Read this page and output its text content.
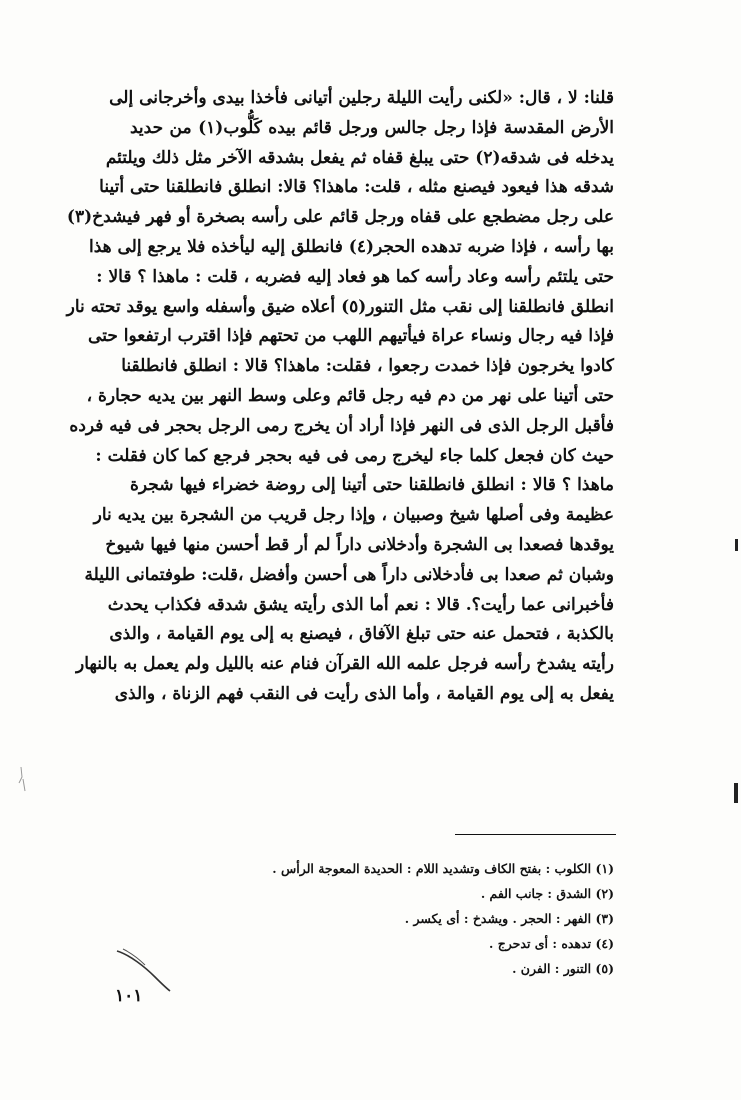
قلنا: لا ، قال: «لكنى رأيت الليلة رجلين أتيانى فأخذا بيدى وأخرجانى إلى
الأرض المقدسة فإذا رجل جالس ورجل قائم بيده كَلُّوب(١) من حديد
يدخله فى شدقه(٢) حتى يبلغ قفاه ثم يفعل بشدقه الآخر مثل ذلك ويلتئم
شدقه هذا فيعود فيصنع مثله ، قلت: ماهذا؟ قالا: انطلق فانطلقنا حتى أتينا
على رجل مضطجع على قفاه ورجل قائم على رأسه بصخرة أو فهر فيشدخ(٣)
بها رأسه ، فإذا ضربه تدهده الحجر(٤) فانطلق إليه ليأخذه فلا يرجع إلى هذا
حتى يلتئم رأسه وعاد رأسه كما هو فعاد إليه فضربه ، قلت : ماهذا ؟ قالا :
انطلق فانطلقنا إلى نقب مثل التنور(٥) أعلاه ضيق وأسفله واسع يوقد تحته نار
فإذا فيه رجال ونساء عراة فيأتيهم اللهب من تحتهم فإذا اقترب ارتفعوا حتى
كادوا يخرجون فإذا خمدت رجعوا ، فقلت: ماهذا؟ قالا : انطلق فانطلقنا
حتى أتينا على نهر من دم فيه رجل قائم وعلى وسط النهر بين يديه حجارة ،
فأقبل الرجل الذى فى النهر فإذا أراد أن يخرج رمى الرجل بحجر فى فيه فرده
حيث كان فجعل كلما جاء ليخرج رمى فى فيه بحجر فرجع كما كان فقلت :
ماهذا ؟ قالا : انطلق فانطلقنا حتى أتينا إلى روضة خضراء فيها شجرة
عظيمة وفى أصلها شيخ وصبيان ، وإذا رجل قريب من الشجرة بين يديه نار
يوقدها فصعدا بى الشجرة وأدخلانى داراً لم أر قط أحسن منها فيها شيوخ
وشبان ثم صعدا بى فأدخلانى داراً هى أحسن وأفضل ،قلت: طوفتمانى الليلة
فأخبرانى عما رأيت؟. قالا : نعم أما الذى رأيته يشق شدقه فكذاب يحدث
بالكذبة ، فتحمل عنه حتى تبلغ الآفاق ، فيصنع به إلى يوم القيامة ، والذى
رأيته يشدخ رأسه فرجل علمه الله القرآن فنام عنه بالليل ولم يعمل به بالنهار
يفعل به إلى يوم القيامة ، وأما الذى رأيت فى النقب فهم الزناة ، والذى
(١) الكلوب : بفتح الكاف وتشديد اللام : الحديدة المعوجة الرأس .
(٢) الشدق : جانب الفم .
(٣) الفهر : الحجر . ويشدخ : أى يكسر .
(٤) تدهده : أى تدحرج .
(٥) التنور : الفرن .
١٠١
